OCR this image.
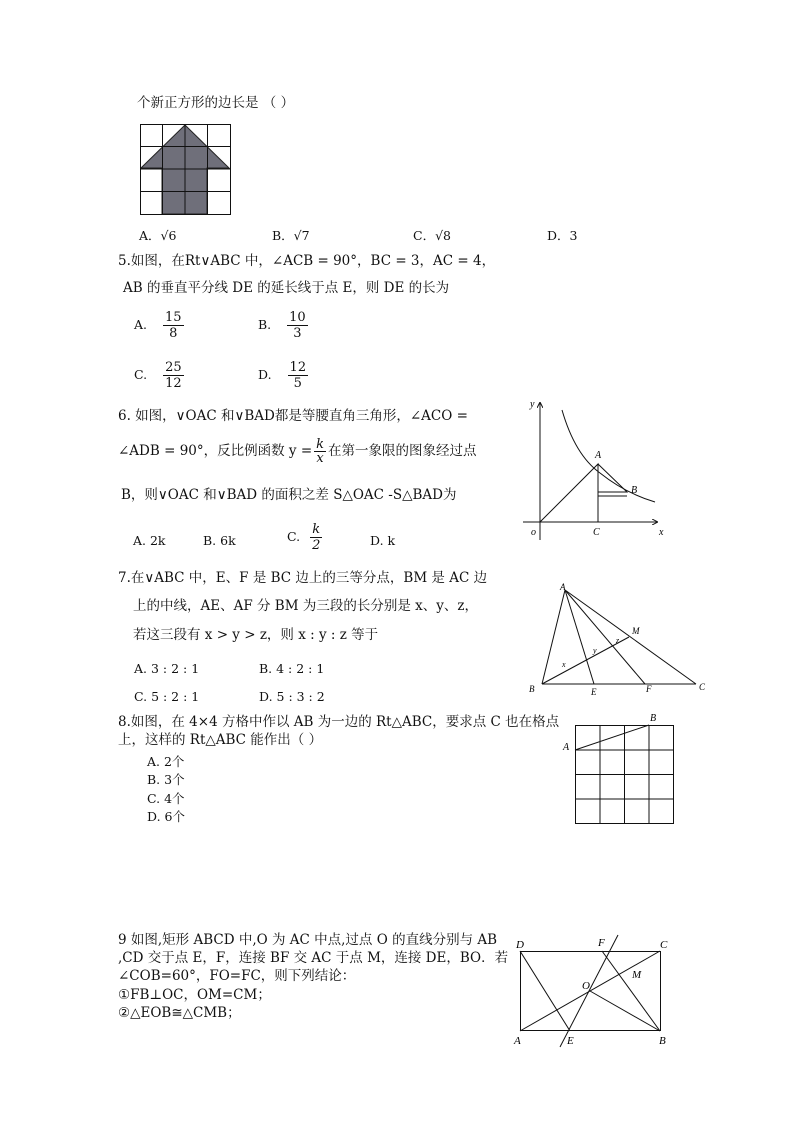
个新正方形的边长是 （ ）
A．√6	B．√7	C．√8	D．3
5.如图，在Rt∨ABC 中，∠ACB = 90°，BC = 3，AC = 4，
AB 的垂直平分线 DE 的延长线于点 E，则 DE 的长为
A. $\frac{15}{8}$	B. $\frac{10}{3}$
C. $\frac{25}{12}$	D. $\frac{12}{5}$
6. 如图，∨OAC 和∨BAD都是等腰直角三角形，∠ACO =
∠ADB = 90°，反比例函数 $y = \frac{k}{x}$ 在第一象限的图象经过点
B，则∨OAC 和∨BAD 的面积之差 S△OAC -S△BAD为
A. 2k	B. 6k	C. $\frac{k}{2}$	D. k
y
x
o
A
B
C
7.在∨ABC 中，E、F 是 BC 边上的三等分点，BM 是 AC 边
上的中线，AE、AF 分 BM 为三段的长分别是 x、y、z，
若这三段有 x > y > z，则 x : y : z 等于
A. 3 : 2 : 1	B. 4 : 2 : 1
C. 5 : 2 : 1	D. 5 : 3 : 2
A
B	C
E	F
M
x
y
z
8.如图，在 4×4 方格中作以 AB 为一边的 Rt△ABC，要求点 C 也在格点
上，这样的 Rt△ABC 能作出（ ）
A. 2个
B. 3个
C. 4个
D. 6个
A
B
9 如图,矩形 ABCD 中,O 为 AC 中点,过点 O 的直线分别与 AB
,CD 交于点 E，F，连接 BF 交 AC 于点 M，连接 DE，BO．若
∠COB=60°，FO=FC，则下列结论：
①FB⊥OC，OM=CM；
②△EOB≅△CMB；
D	F	C
M
O
A	E	B
